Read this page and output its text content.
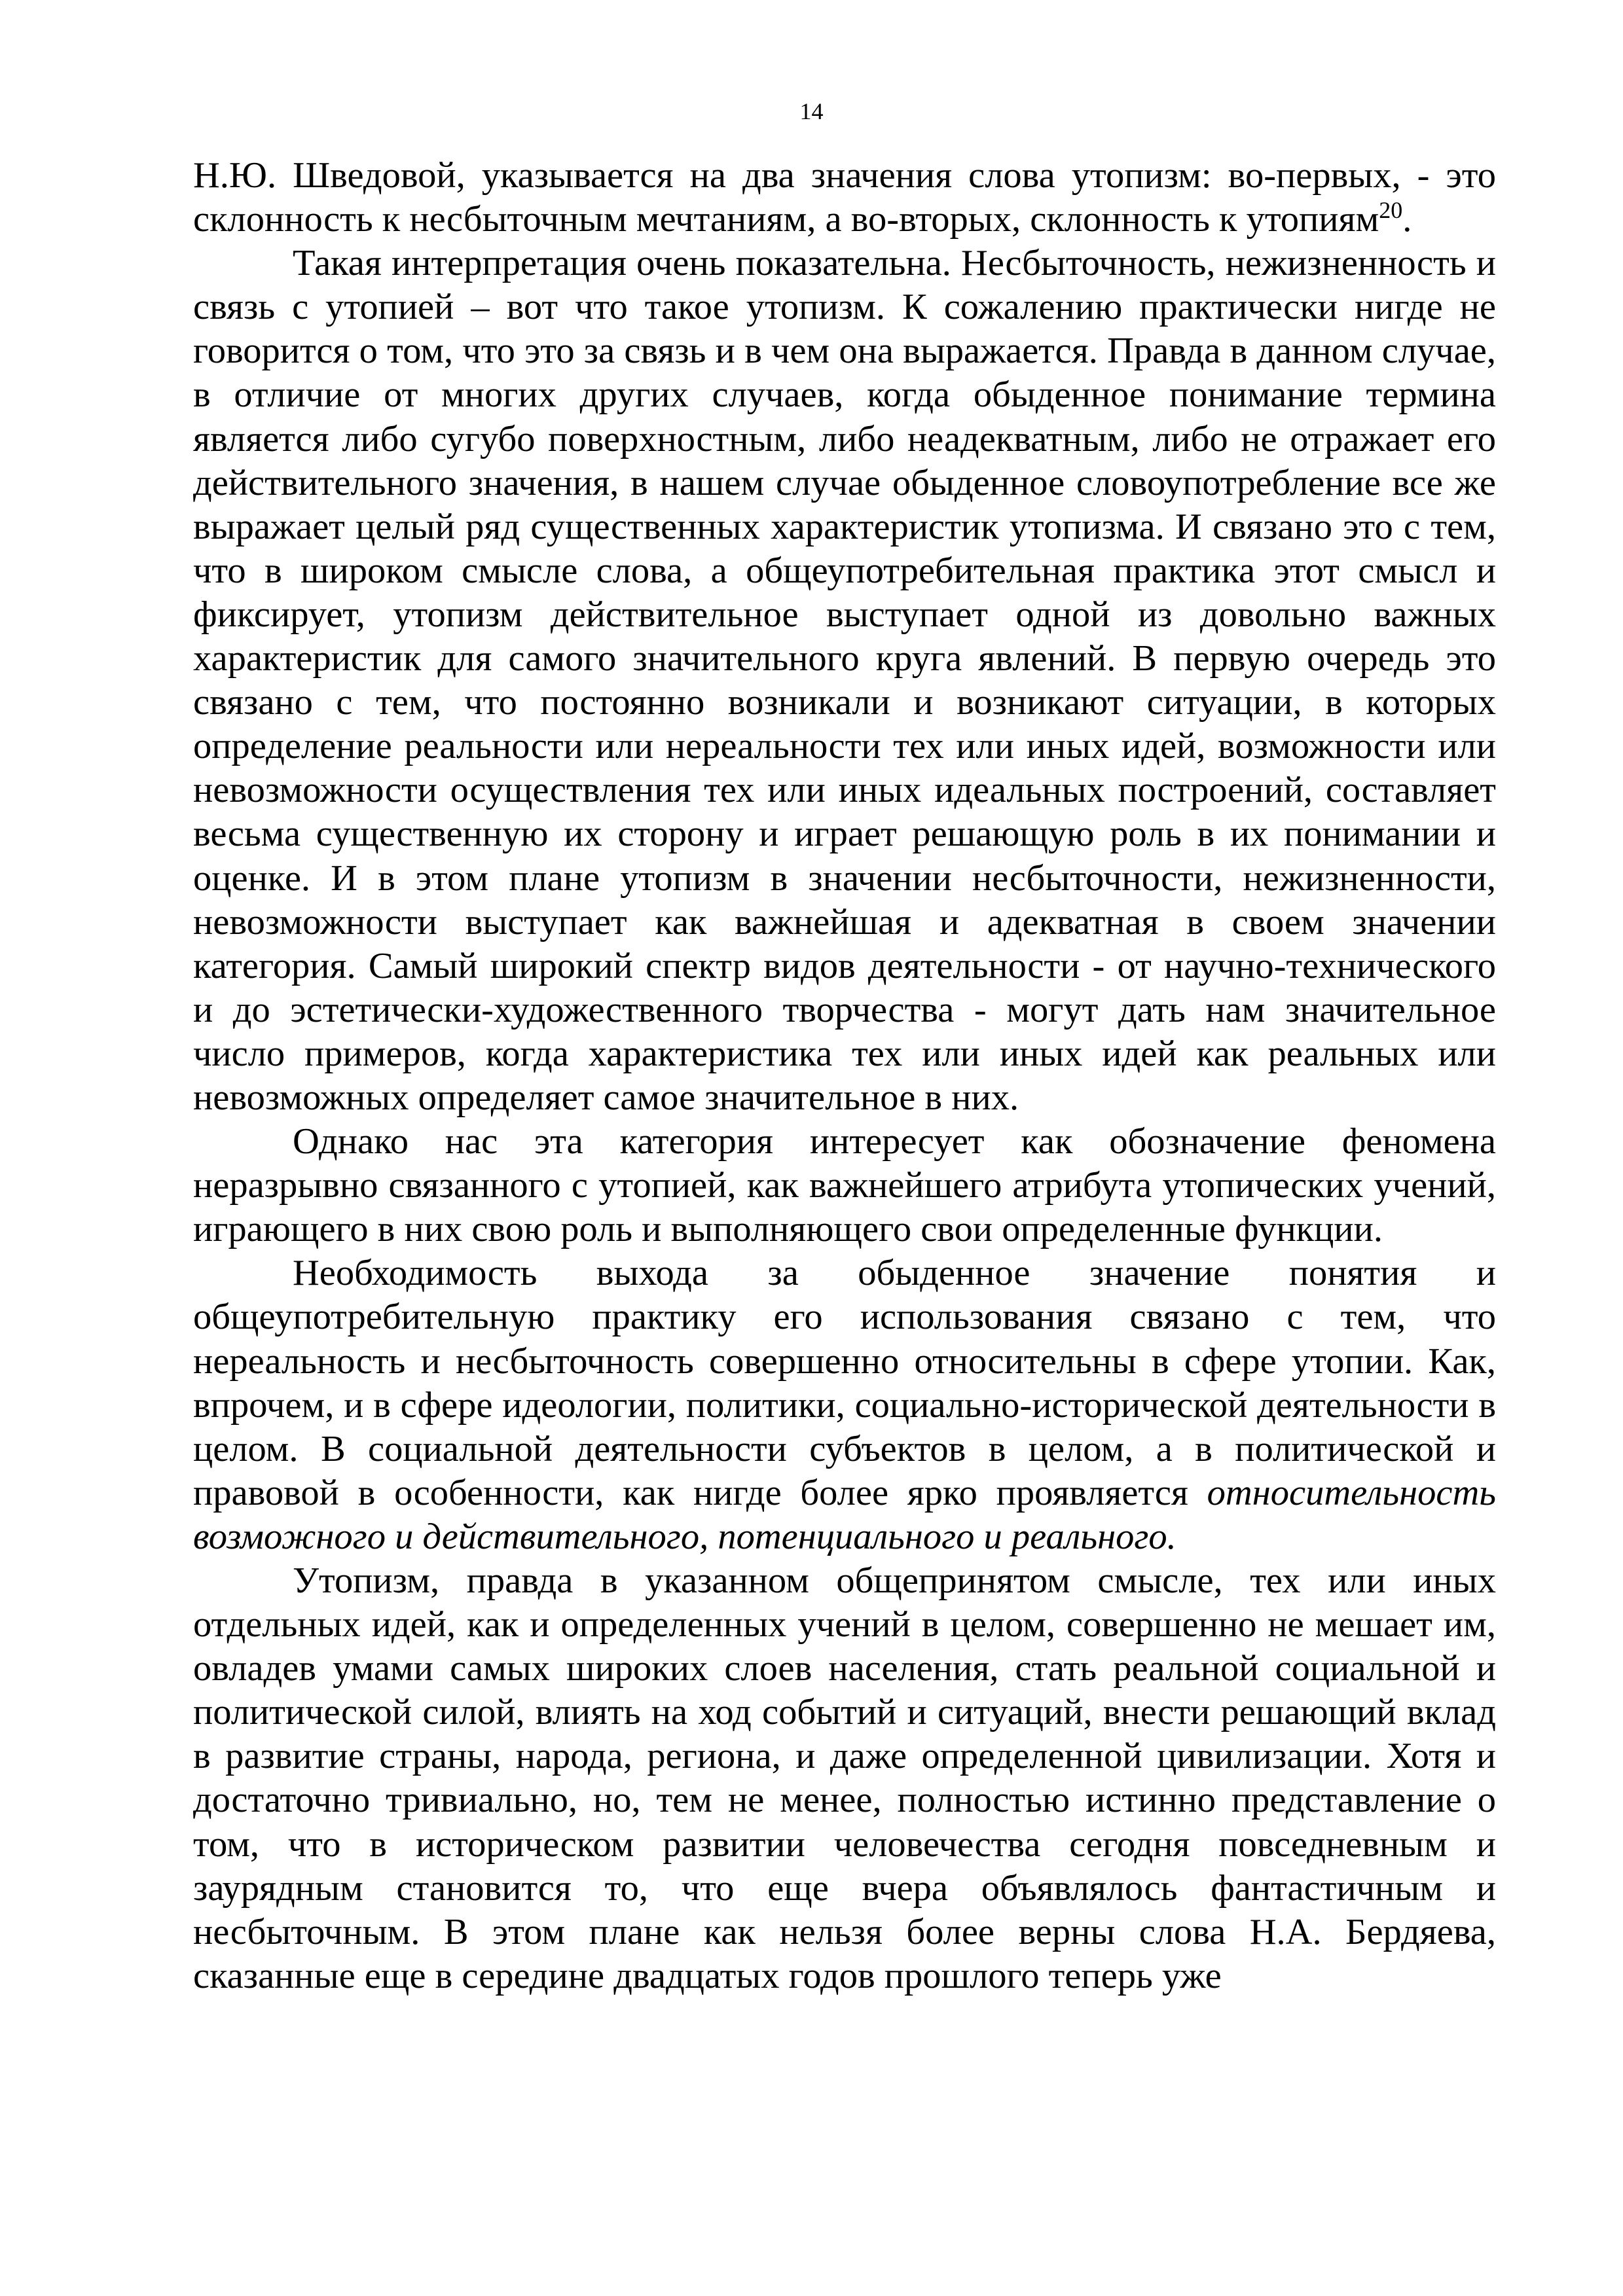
14

Н.Ю. Шведовой, указывается на два значения слова утопизм: во-первых, - это склонность к несбыточным мечтаниям, а во-вторых, склонность к утопиям$^{20}$.

Такая интерпретация очень показательна. Несбыточность, нежизненность и связь с утопией – вот что такое утопизм. К сожалению практически нигде не говорится о том, что это за связь и в чем она выражается. Правда в данном случае, в отличие от многих других случаев, когда обыденное понимание термина является либо сугубо поверхностным, либо неадекватным, либо не отражает его действительного значения, в нашем случае обыденное словоупотребление все же выражает целый ряд существенных характеристик утопизма. И связано это с тем, что в широком смысле слова, а общеупотребительная практика этот смысл и фиксирует, утопизм действительное выступает одной из довольно важных характеристик для самого значительного круга явлений. В первую очередь это связано с тем, что постоянно возникали и возникают ситуации, в которых определение реальности или нереальности тех или иных идей, возможности или невозможности осуществления тех или иных идеальных построений, составляет весьма существенную их сторону и играет решающую роль в их понимании и оценке. И в этом плане утопизм в значении несбыточности, нежизненности, невозможности выступает как важнейшая и адекватная в своем значении категория. Самый широкий спектр видов деятельности - от научно-технического и до эстетически-художественного творчества - могут дать нам значительное число примеров, когда характеристика тех или иных идей как реальных или невозможных определяет самое значительное в них.

Однако нас эта категория интересует как обозначение феномена неразрывно связанного с утопией, как важнейшего атрибута утопических учений, играющего в них свою роль и выполняющего свои определенные функции.

Необходимость выхода за обыденное значение понятия и общеупотребительную практику его использования связано с тем, что нереальность и несбыточность совершенно относительны в сфере утопии. Как, впрочем, и в сфере идеологии, политики, социально-исторической деятельности в целом. В социальной деятельности субъектов в целом, а в политической и правовой в особенности, как нигде более ярко проявляется относительность возможного и действительного, потенциального и реального.

Утопизм, правда в указанном общепринятом смысле, тех или иных отдельных идей, как и определенных учений в целом, совершенно не мешает им, овладев умами самых широких слоев населения, стать реальной социальной и политической силой, влиять на ход событий и ситуаций, внести решающий вклад в развитие страны, народа, региона, и даже определенной цивилизации. Хотя и достаточно тривиально, но, тем не менее, полностью истинно представление о том, что в историческом развитии человечества сегодня повседневным и заурядным становится то, что еще вчера объявлялось фантастичным и несбыточным. В этом плане как нельзя более верны слова Н.А. Бердяева, сказанные еще в середине двадцатых годов прошлого теперь уже
